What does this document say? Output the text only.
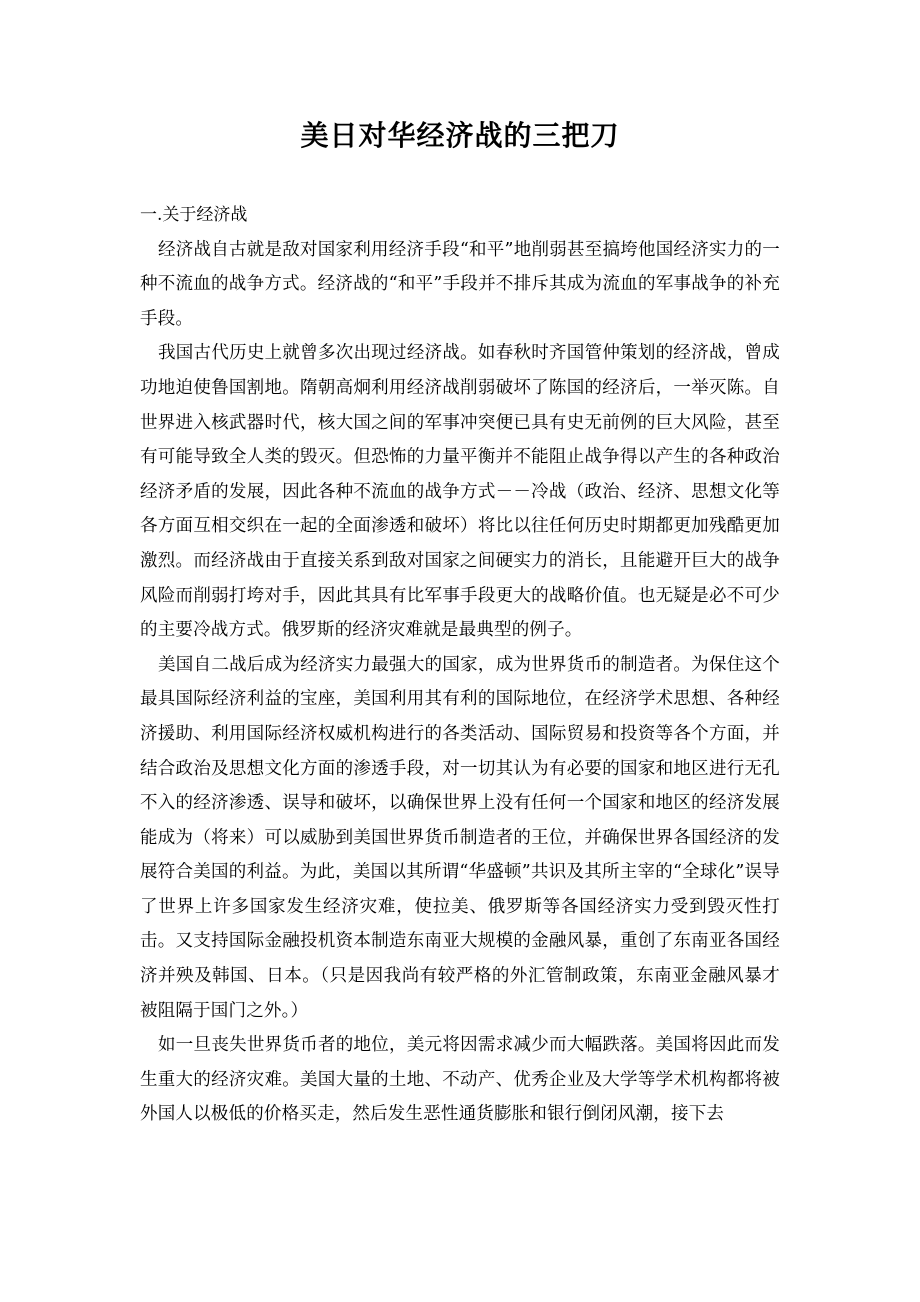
美日对华经济战的三把刀

一.关于经济战

经济战自古就是敌对国家利用经济手段“和平”地削弱甚至搞垮他国经济实力的一种不流血的战争方式。经济战的“和平”手段并不排斥其成为流血的军事战争的补充手段。

我国古代历史上就曾多次出现过经济战。如春秋时齐国管仲策划的经济战，曾成功地迫使鲁国割地。隋朝高炯利用经济战削弱破坏了陈国的经济后，一举灭陈。自世界进入核武器时代，核大国之间的军事冲突便已具有史无前例的巨大风险，甚至有可能导致全人类的毁灭。但恐怖的力量平衡并不能阻止战争得以产生的各种政治经济矛盾的发展，因此各种不流血的战争方式－－冷战（政治、经济、思想文化等各方面互相交织在一起的全面渗透和破坏）将比以往任何历史时期都更加残酷更加激烈。而经济战由于直接关系到敌对国家之间硬实力的消长，且能避开巨大的战争风险而削弱打垮对手，因此其具有比军事手段更大的战略价值。也无疑是必不可少的主要冷战方式。俄罗斯的经济灾难就是最典型的例子。

美国自二战后成为经济实力最强大的国家，成为世界货币的制造者。为保住这个最具国际经济利益的宝座，美国利用其有利的国际地位，在经济学术思想、各种经济援助、利用国际经济权威机构进行的各类活动、国际贸易和投资等各个方面，并结合政治及思想文化方面的渗透手段，对一切其认为有必要的国家和地区进行无孔不入的经济渗透、误导和破坏，以确保世界上没有任何一个国家和地区的经济发展能成为（将来）可以威胁到美国世界货币制造者的王位，并确保世界各国经济的发展符合美国的利益。为此，美国以其所谓“华盛顿”共识及其所主宰的“全球化”误导了世界上许多国家发生经济灾难，使拉美、俄罗斯等各国经济实力受到毁灭性打击。又支持国际金融投机资本制造东南亚大规模的金融风暴，重创了东南亚各国经济并殃及韩国、日本。（只是因我尚有较严格的外汇管制政策，东南亚金融风暴才被阻隔于国门之外。）

如一旦丧失世界货币者的地位，美元将因需求减少而大幅跌落。美国将因此而发生重大的经济灾难。美国大量的土地、不动产、优秀企业及大学等学术机构都将被外国人以极低的价格买走，然后发生恶性通货膨胀和银行倒闭风潮，接下去
